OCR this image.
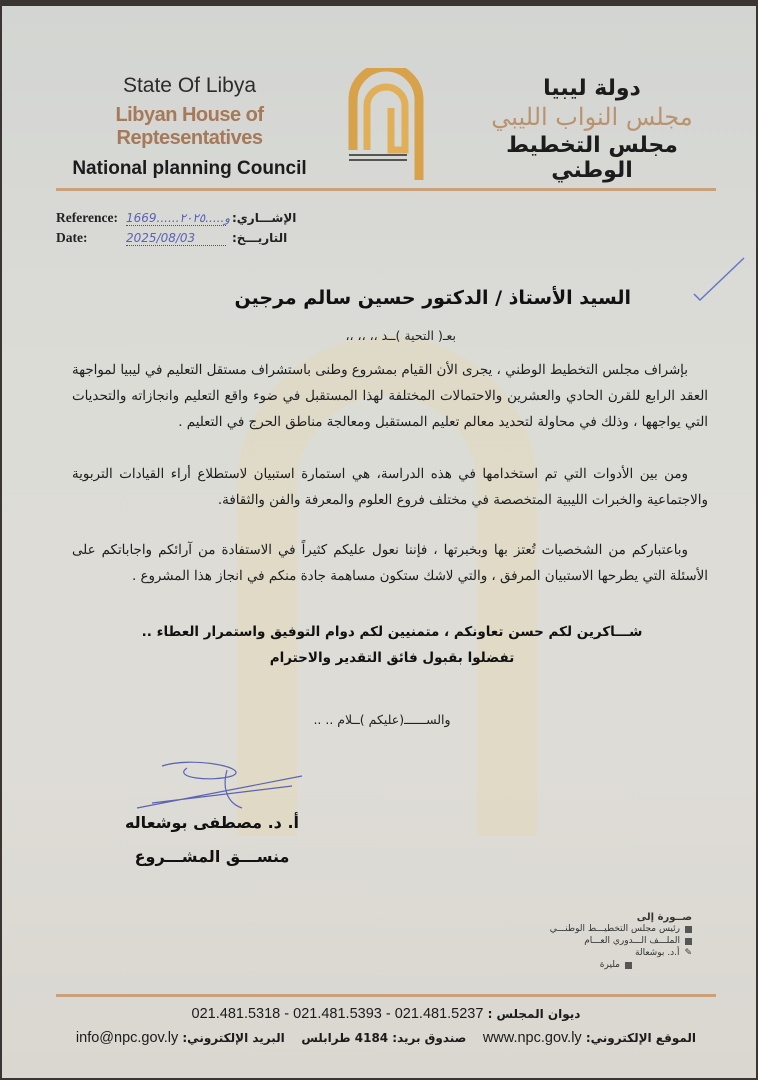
State Of Libya
Libyan House of Reptesentatives
National planning Council
دولة ليبيا
مجلس النواب الليبي
مجلس التخطيط الوطني
Reference: 1669......و.....٢٠٢٥ الإشـــاري:
Date:	2025/08/03	التاريـــخ:
السيد الأستاذ / الدكتور حسين سالم مرجين
بعـ( التحية )ــد ،، ،، ،،

بإشراف مجلس التخطيط الوطني ، يجرى الأن القيام بمشروع وطنى باستشراف مستقل التعليم في ليبيا لمواجهة العقد الرابع للقرن الحادي والعشرين والاحتمالات المختلفة لهذا المستقبل في ضوء واقع التعليم وانجازاته والتحديات التي يواجهها ، وذلك في محاولة لتحديد معالم تعليم المستقبل ومعالجة مناطق الحرج في التعليم .

ومن بين الأدوات التي تم استخدامها في هذه الدراسة، هي استمارة استبيان لاستطلاع أراء القيادات التربوية والاجتماعية والخبرات الليبية المتخصصة في مختلف فروع العلوم والمعرفة والفن والثقافة.

وباعتباركم من الشخصيات تُعتز بها وبخبرتها ، فإننا نعول عليكم كثيراً في الاستفادة من آرائكم واجاباتكم على الأسئلة التي يطرحها الاستبيان المرفق ، والتي لاشك ستكون مساهمة جادة منكم في انجاز هذا المشروع .

شـــاكرين لكم حسن تعاونكم ، متمنيين لكم دوام التوفيق واستمرار العطاء ..
تفضلوا بقبول فائق التقدير والاحترام
والســــــ(عليكم )ــلام .. ..
أ. د. مصطفى بوشعاله
منســـق المشـــروع
صــورة إلى
رئيس مجلس التخطيـــط الوطنـــي
الملـــف الـــدوري العـــام
✎
أ.د. بوشعالة
مليرة
ديوان المجلس : 021.481.5318 - 021.481.5393 - 021.481.5237
الموقع الإلكتروني: www.npc.gov.ly    صندوق بريد: 4184 طرابلس    البريد الإلكتروني: info@npc.gov.ly
